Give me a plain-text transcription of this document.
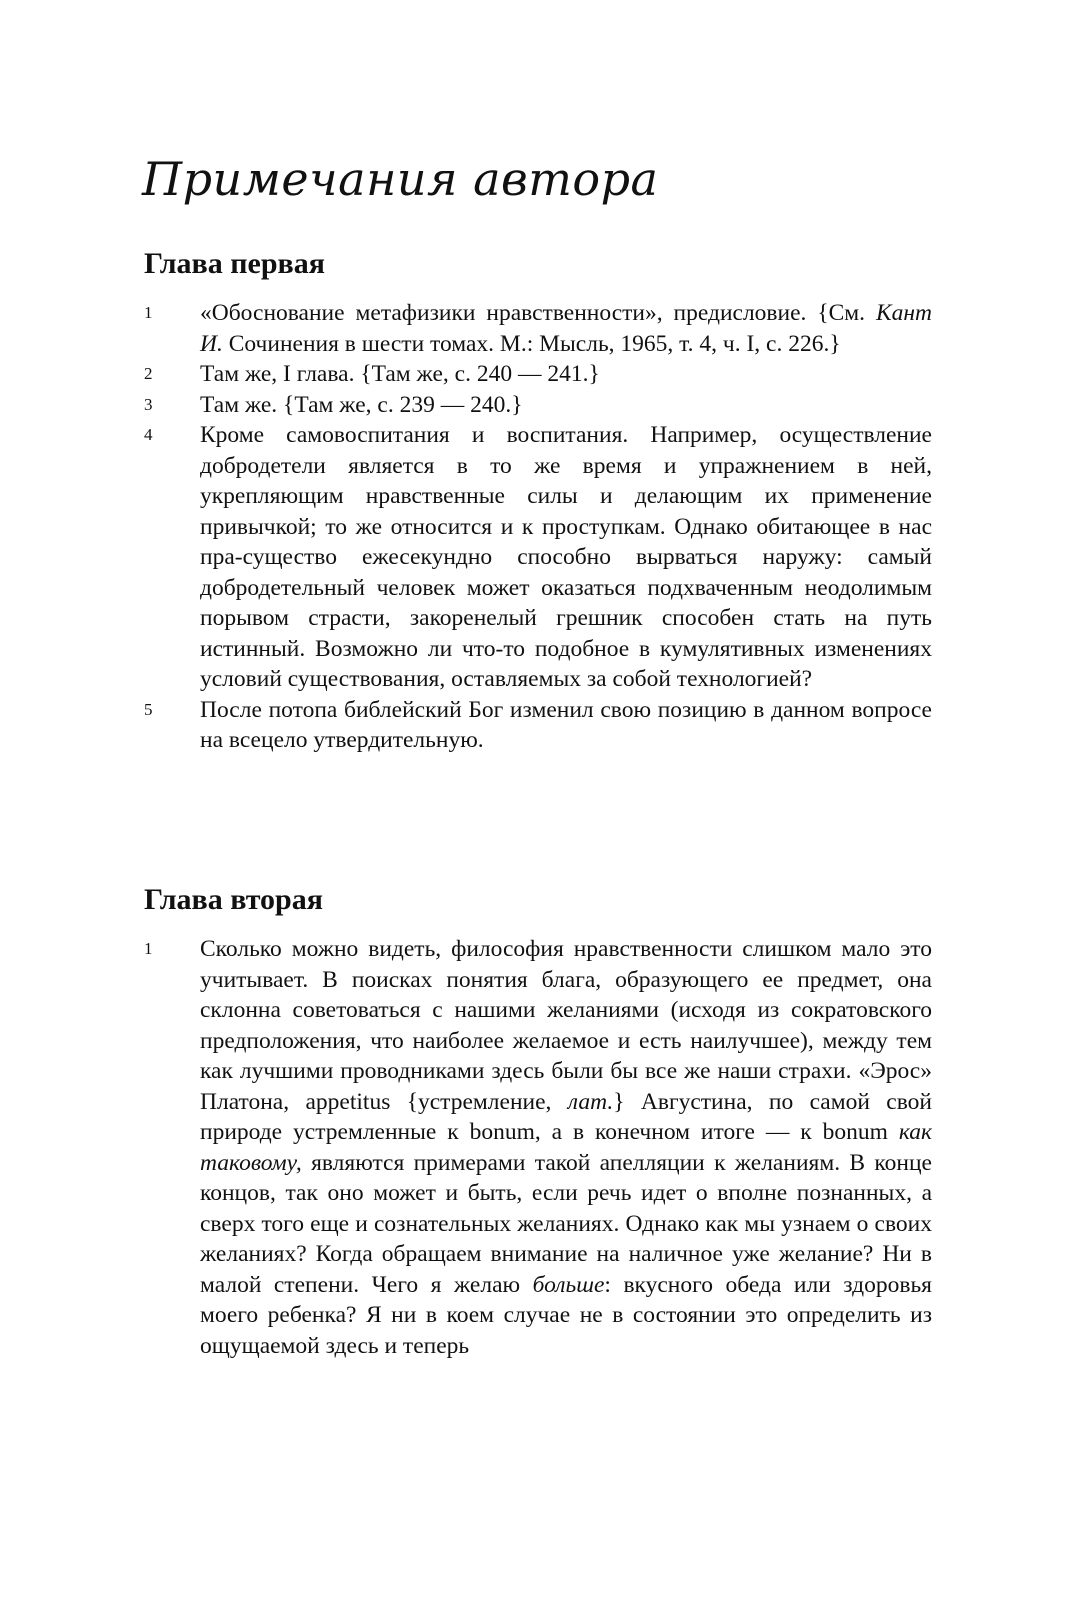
Примечания автора
Глава первая
1 «Обоснование метафизики нравственности», предисловие. {См. Кант И. Сочинения в шести томах. М.: Мысль, 1965, т. 4, ч. I, с. 226.}

2 Там же, I глава. {Там же, с. 240 — 241.}

3 Там же. {Там же, с. 239 — 240.}

4 Кроме самовоспитания и воспитания. Например, осуществление добродетели является в то же время и упражнением в ней, укрепляющим нравственные силы и делающим их применение привычкой; то же относится и к проступкам. Однако обитающее в нас пра-существо ежесекундно способно вырваться наружу: самый добродетельный человек может оказаться подхваченным неодолимым порывом страсти, закоренелый грешник способен стать на путь истинный. Возможно ли что-то подобное в кумулятивных изменениях условий существования, оставляемых за собой технологией?

5 После потопа библейский Бог изменил свою позицию в данном вопросе на всецело утвердительную.

Глава вторая
1 Сколько можно видеть, философия нравственности слишком мало это учитывает. В поисках понятия блага, образующего ее предмет, она склонна советоваться с нашими желаниями (исходя из сократовского предположения, что наиболее желаемое и есть наилучшее), между тем как лучшими проводниками здесь были бы все же наши страхи. «Эрос» Платона, appetitus {устремление, лат.} Августина, по самой свой природе устремленные к bonum, а в конечном итоге — к bonum как таковому, являются примерами такой апелляции к желаниям. В конце концов, так оно может и быть, если речь идет о вполне познанных, а сверх того еще и сознательных желаниях. Однако как мы узнаем о своих желаниях? Когда обращаем внимание на наличное уже желание? Ни в малой степени. Чего я желаю больше: вкусного обеда или здоровья моего ребенка? Я ни в коем случае не в состоянии это определить из ощущаемой здесь и теперь
